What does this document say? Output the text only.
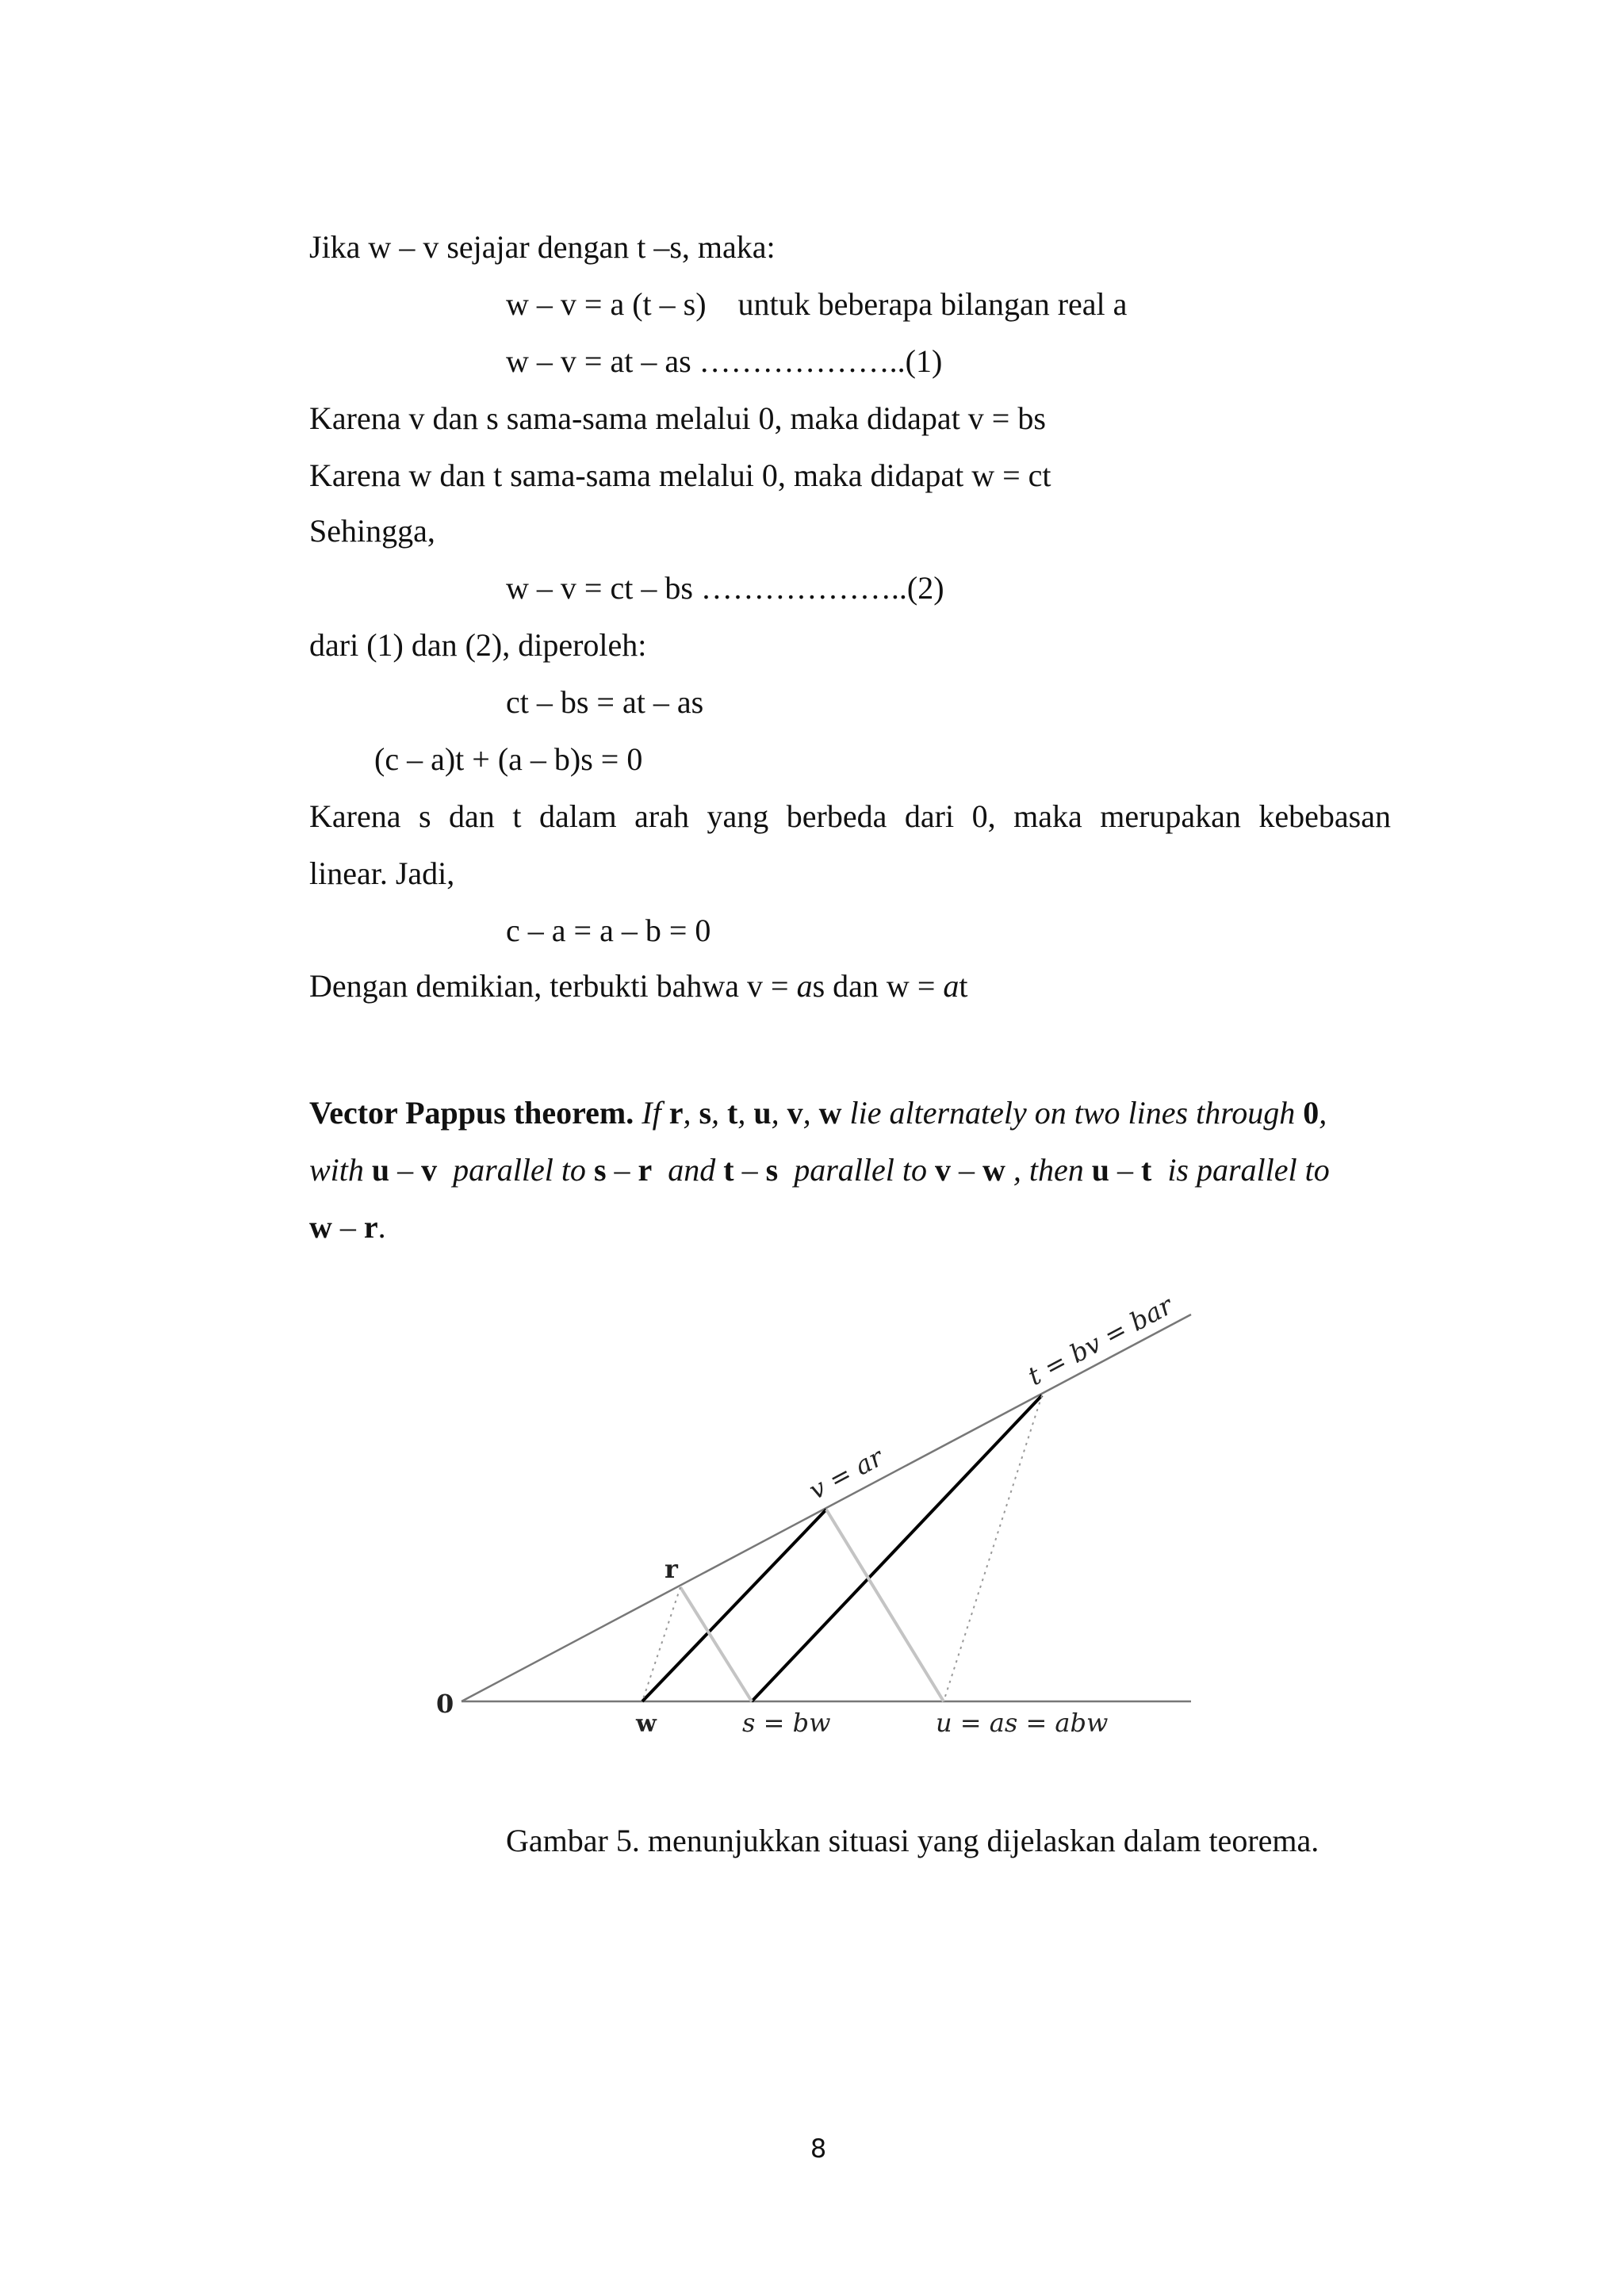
Jika w – v sejajar dengan t –s, maka:
w – v = a (t – s)    untuk beberapa bilangan real a
w – v = at – as ………………..(1)
Karena v dan s sama-sama melalui 0, maka didapat v = bs
Karena w dan t sama-sama melalui 0, maka didapat w = ct
Sehingga,
w – v = ct – bs ………………..(2)
dari (1) dan (2), diperoleh:
ct – bs = at – as
(c – a)t + (a – b)s = 0
Karena s dan t dalam arah yang berbeda dari 0, maka merupakan kebebasan
linear. Jadi,
c – a = a – b = 0
Dengan demikian, terbukti bahwa v = as dan w = at
Vector Pappus theorem. If r, s, t, u, v, w lie alternately on two lines through 0,
with u – v  parallel to s – r  and t – s  parallel to v – w , then u – t  is parallel to
w – r.
0
r
w	s = bw	u = as = abw
v = ar
t = bv = bar
Gambar 5. menunjukkan situasi yang dijelaskan dalam teorema.
8
